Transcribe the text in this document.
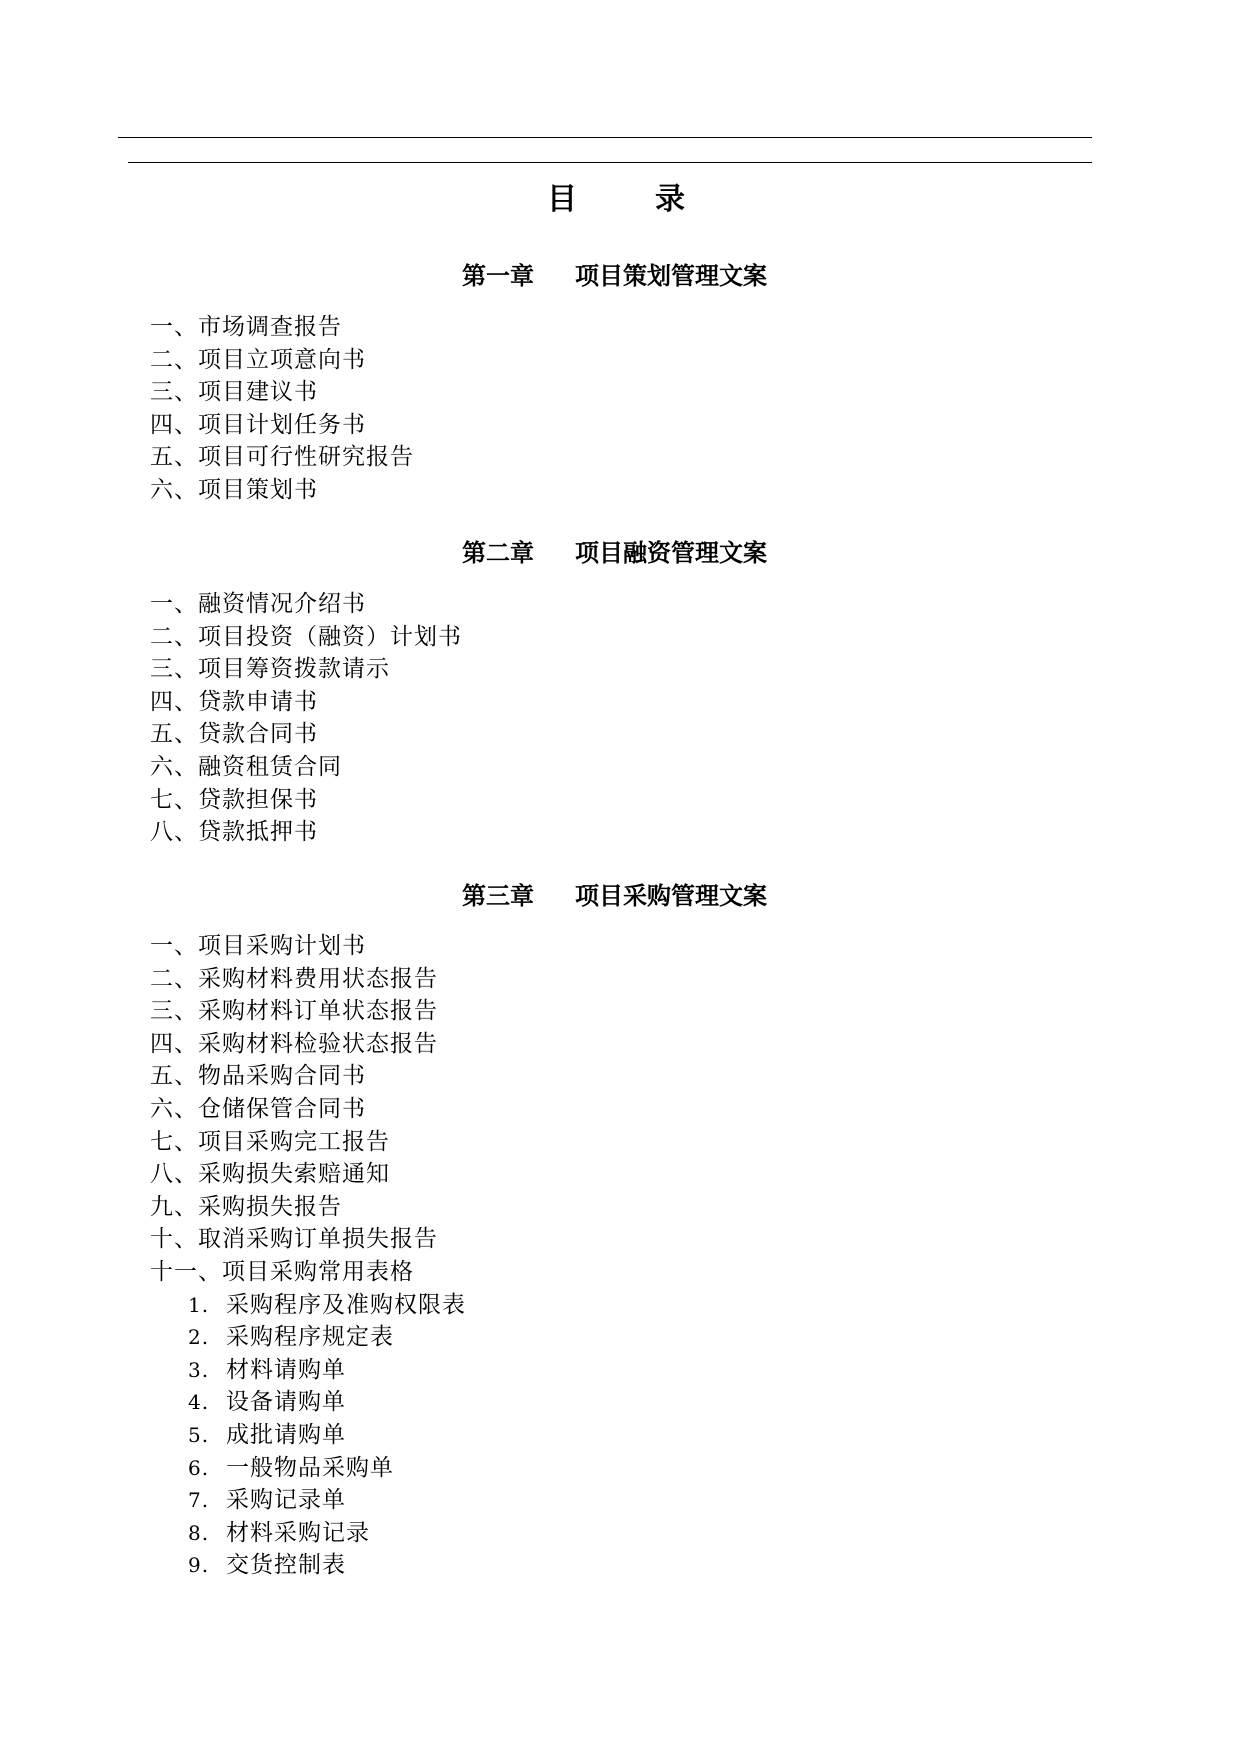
目	录
第一章 项目策划管理文案
一、市场调查报告
二、项目立项意向书
三、项目建议书
四、项目计划任务书
五、项目可行性研究报告
六、项目策划书
第二章 项目融资管理文案
一、融资情况介绍书
二、项目投资（融资）计划书
三、项目筹资拨款请示
四、贷款申请书
五、贷款合同书
六、融资租赁合同
七、贷款担保书
八、贷款抵押书
第三章 项目采购管理文案
一、项目采购计划书
二、采购材料费用状态报告
三、采购材料订单状态报告
四、采购材料检验状态报告
五、物品采购合同书
六、仓储保管合同书
七、项目采购完工报告
八、采购损失索赔通知
九、采购损失报告
十、取消采购订单损失报告
十一、项目采购常用表格
1. 采购程序及准购权限表
2. 采购程序规定表
3. 材料请购单
4. 设备请购单
5. 成批请购单
6. 一般物品采购单
7. 采购记录单
8. 材料采购记录
9. 交货控制表
